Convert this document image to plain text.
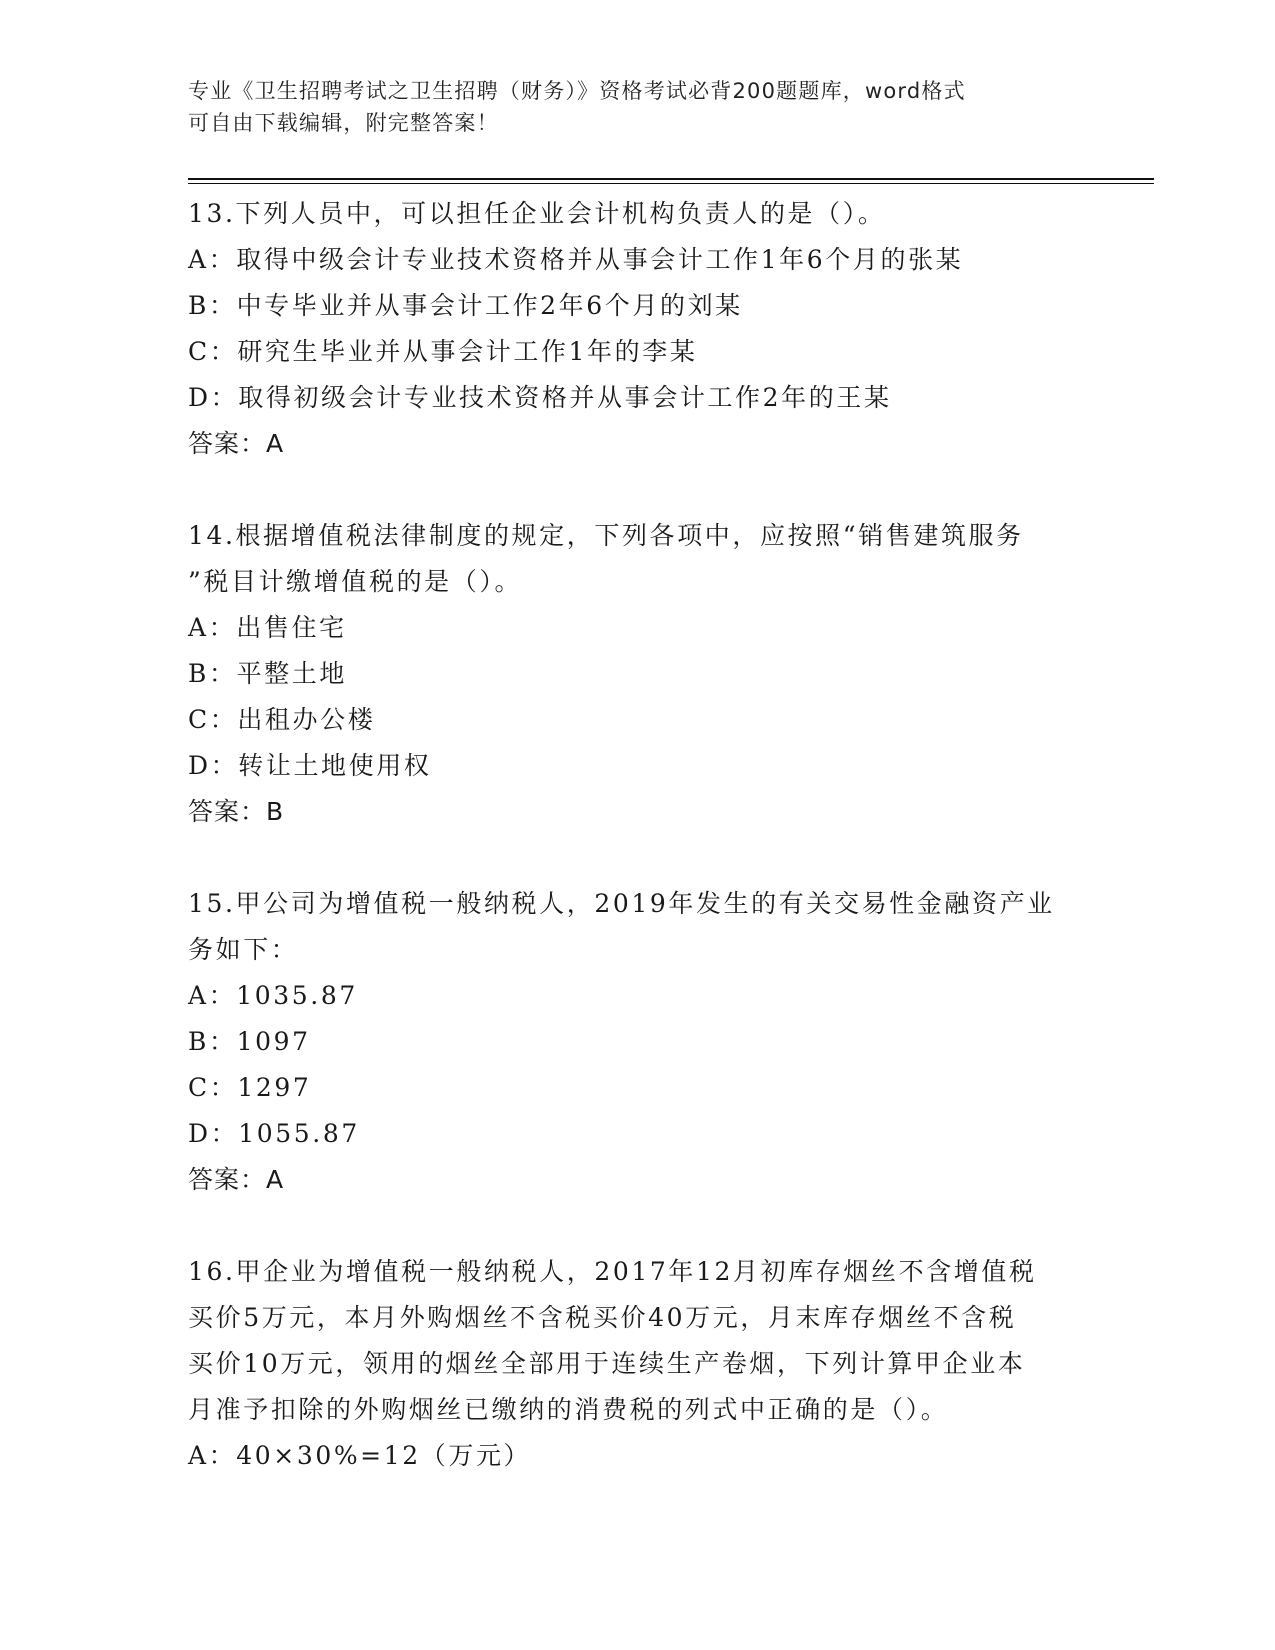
专业《卫生招聘考试之卫生招聘（财务）》资格考试必背200题题库，word格式
可自由下载编辑，附完整答案！
13.下列人员中，可以担任企业会计机构负责人的是（）。
A：取得中级会计专业技术资格并从事会计工作1年6个月的张某
B：中专毕业并从事会计工作2年6个月的刘某
C：研究生毕业并从事会计工作1年的李某
D：取得初级会计专业技术资格并从事会计工作2年的王某
答案：A
14.根据增值税法律制度的规定，下列各项中，应按照“销售建筑服务
”税目计缴增值税的是（）。
A：出售住宅
B：平整土地
C：出租办公楼
D：转让土地使用权
答案：B
15.甲公司为增值税一般纳税人，2019年发生的有关交易性金融资产业
务如下：
A：1035.87
B：1097
C：1297
D：1055.87
答案：A
16.甲企业为增值税一般纳税人，2017年12月初库存烟丝不含增值税
买价5万元，本月外购烟丝不含税买价40万元，月末库存烟丝不含税
买价10万元，领用的烟丝全部用于连续生产卷烟，下列计算甲企业本
月准予扣除的外购烟丝已缴纳的消费税的列式中正确的是（）。
A：40×30%=12（万元）
